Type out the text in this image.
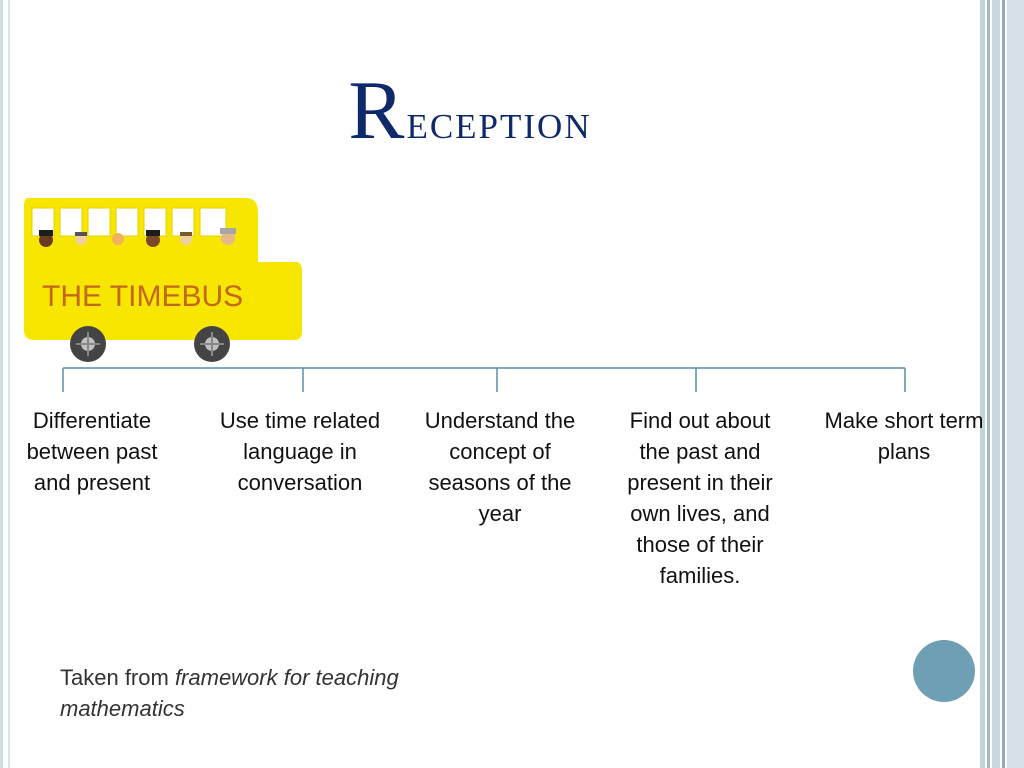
Reception
THE TIMEBUS
Differentiate between past and present
Use time related language in conversation
Understand the concept of seasons of the year
Find out about the past and present in their own lives, and those of their families.
Make short term plans
Taken from framework for teaching mathematics
